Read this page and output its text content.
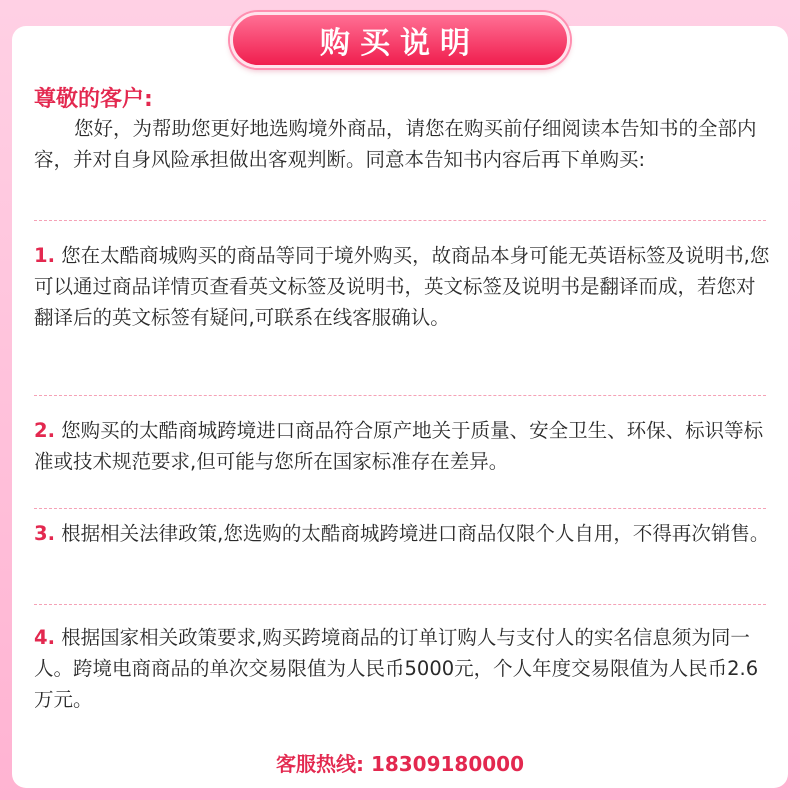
购买说明
尊敬的客户:
您好，为帮助您更好地选购境外商品，请您在购买前仔细阅读本告知书的全部内容，并对自身风险承担做出客观判断。同意本告知书内容后再下单购买:
1. 您在太酷商城购买的商品等同于境外购买，故商品本身可能无英语标签及说明书,您可以通过商品详情页查看英文标签及说明书，英文标签及说明书是翻译而成，若您对翻译后的英文标签有疑问,可联系在线客服确认。
2. 您购买的太酷商城跨境进口商品符合原产地关于质量、安全卫生、环保、标识等标准或技术规范要求,但可能与您所在国家标准存在差异。
3. 根据相关法律政策,您选购的太酷商城跨境进口商品仅限个人自用，不得再次销售。
4. 根据国家相关政策要求,购买跨境商品的订单订购人与支付人的实名信息须为同一人。跨境电商商品的单次交易限值为人民币5000元，个人年度交易限值为人民币2.6万元。
客服热线: 18309180000
